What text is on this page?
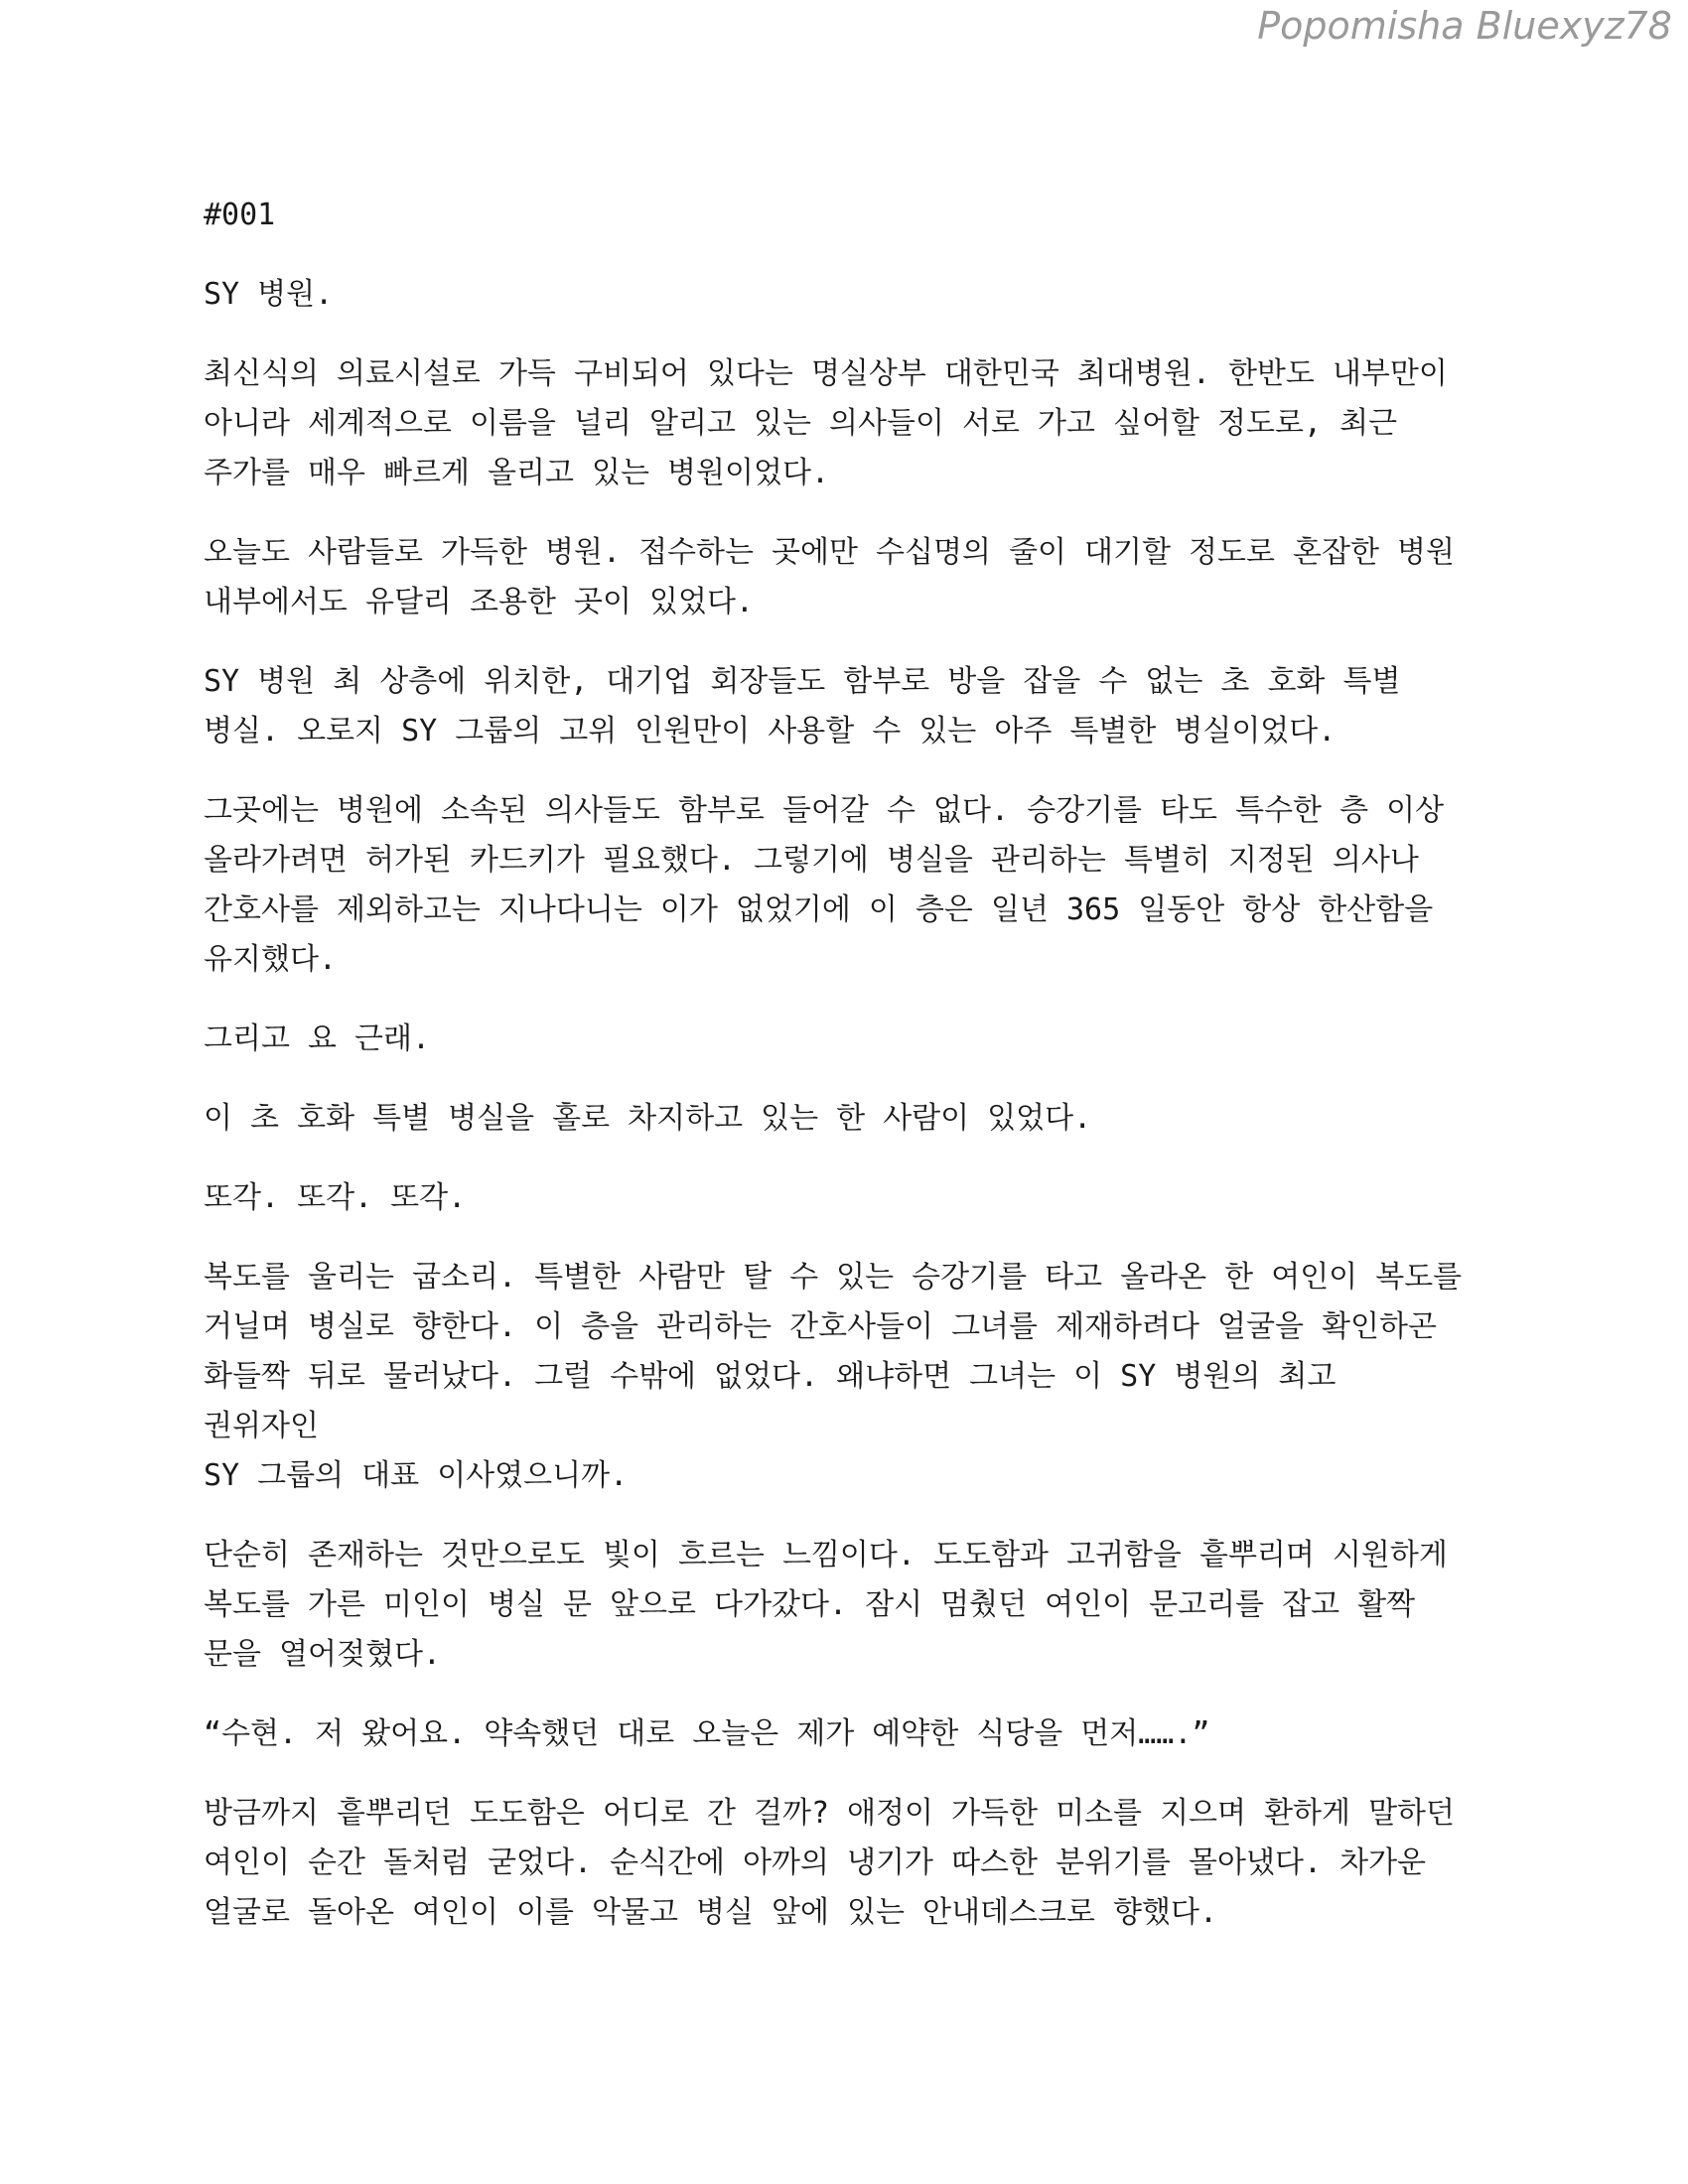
Popomisha Bluexyz78

#001

SY 병원.

최신식의 의료시설로 가득 구비되어 있다는 명실상부 대한민국 최대병원. 한반도 내부만이
아니라 세계적으로 이름을 널리 알리고 있는 의사들이 서로 가고 싶어할 정도로, 최근
주가를 매우 빠르게 올리고 있는 병원이었다.

오늘도 사람들로 가득한 병원. 접수하는 곳에만 수십명의 줄이 대기할 정도로 혼잡한 병원
내부에서도 유달리 조용한 곳이 있었다.

SY 병원 최 상층에 위치한, 대기업 회장들도 함부로 방을 잡을 수 없는 초 호화 특별
병실. 오로지 SY 그룹의 고위 인원만이 사용할 수 있는 아주 특별한 병실이었다.

그곳에는 병원에 소속된 의사들도 함부로 들어갈 수 없다. 승강기를 타도 특수한 층 이상
올라가려면 허가된 카드키가 필요했다. 그렇기에 병실을 관리하는 특별히 지정된 의사나
간호사를 제외하고는 지나다니는 이가 없었기에 이 층은 일년 365 일동안 항상 한산함을
유지했다.

그리고 요 근래.

이 초 호화 특별 병실을 홀로 차지하고 있는 한 사람이 있었다.

또각. 또각. 또각.

복도를 울리는 굽소리. 특별한 사람만 탈 수 있는 승강기를 타고 올라온 한 여인이 복도를
거닐며 병실로 향한다. 이 층을 관리하는 간호사들이 그녀를 제재하려다 얼굴을 확인하곤
화들짝 뒤로 물러났다. 그럴 수밖에 없었다. 왜냐하면 그녀는 이 SY 병원의 최고 권위자인
SY 그룹의 대표 이사였으니까.

단순히 존재하는 것만으로도 빛이 흐르는 느낌이다. 도도함과 고귀함을 흩뿌리며 시원하게
복도를 가른 미인이 병실 문 앞으로 다가갔다. 잠시 멈췄던 여인이 문고리를 잡고 활짝
문을 열어젖혔다.

“수현. 저 왔어요. 약속했던 대로 오늘은 제가 예약한 식당을 먼저…….”

방금까지 흩뿌리던 도도함은 어디로 간 걸까? 애정이 가득한 미소를 지으며 환하게 말하던
여인이 순간 돌처럼 굳었다. 순식간에 아까의 냉기가 따스한 분위기를 몰아냈다. 차가운
얼굴로 돌아온 여인이 이를 악물고 병실 앞에 있는 안내데스크로 향했다.
